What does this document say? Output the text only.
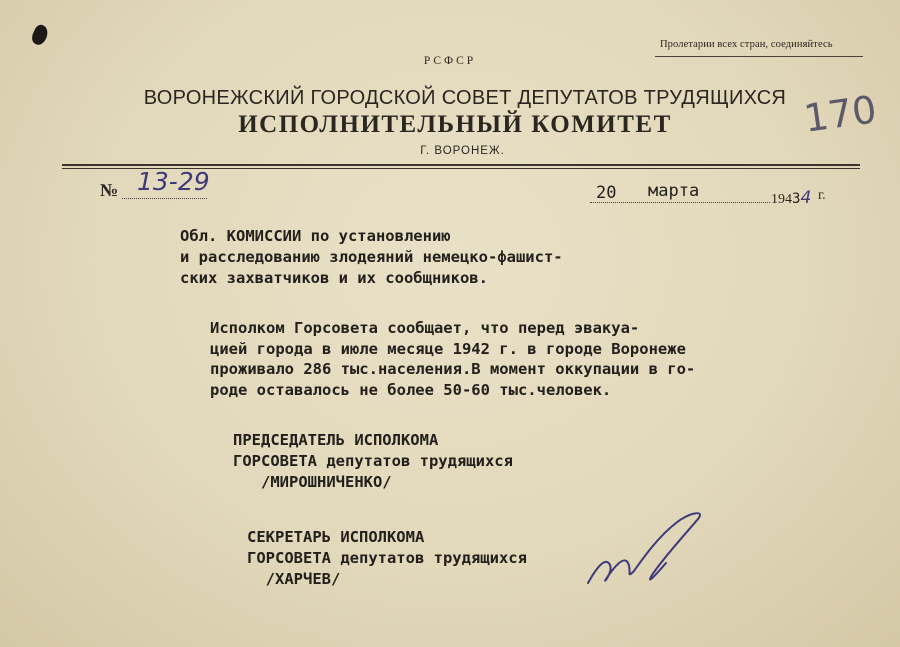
Пролетарии всех стран, соединяйтесь
РСФСР
ВОРОНЕЖСКИЙ ГОРОДСКОЙ СОВЕТ ДЕПУТАТОВ ТРУДЯЩИХСЯ
ИСПОЛНИТЕЛЬНЫЙ КОМИТЕТ
Г. ВОРОНЕЖ.
№ 13-29	20 марта	19434 г.
Обл. КОМИССИИ по установлению
и расследованию злодеяний немецко-фашист-
ских захватчиков и их сообщников.
Исполком Горсовета сообщает, что перед эвакуа-
цией города в июле месяце 1942 г. в городе Воронеже
проживало 286 тыс.населения.В момент оккупации в го-
роде оставалось не более 50-60 тыс.человек.
ПРЕДСЕДАТЕЛЬ ИСПОЛКОМА
ГОРСОВЕТА депутатов трудящихся
/МИРОШНИЧЕНКО/
СЕКРЕТАРЬ ИСПОЛКОМА
ГОРСОВЕТА депутатов трудящихся
/ХАРЧЕВ/
170
